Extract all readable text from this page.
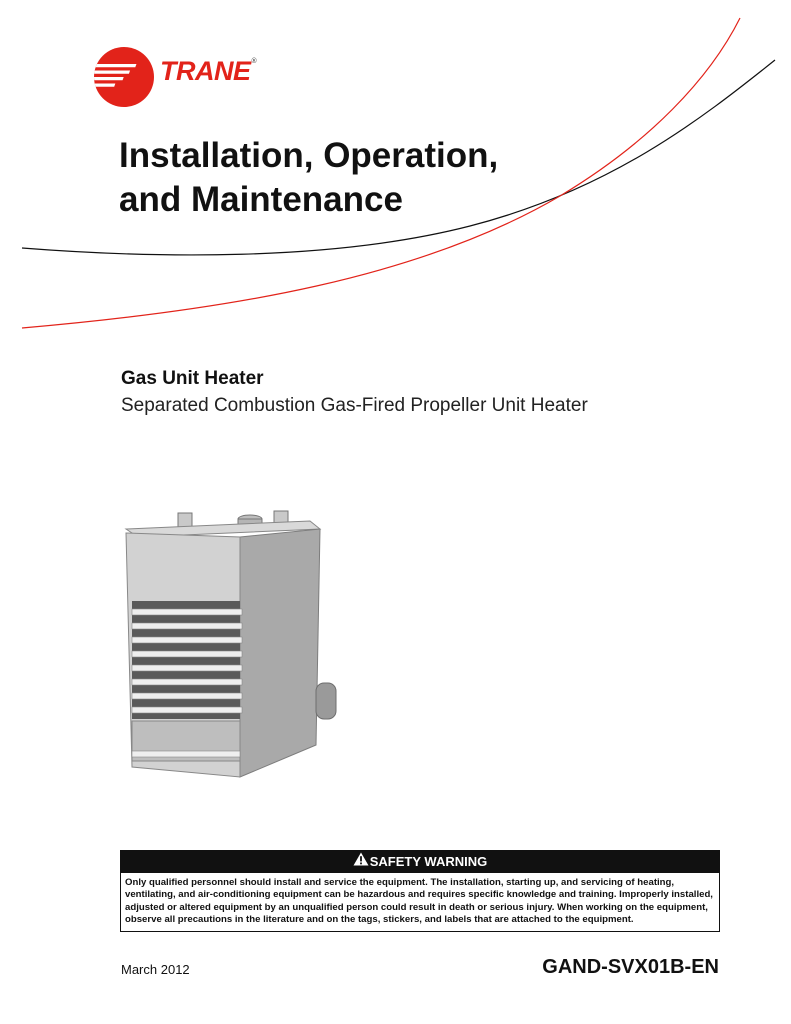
TRANE®
Installation, Operation,
and Maintenance
Gas Unit Heater
Separated Combustion Gas-Fired Propeller Unit Heater
SAFETY WARNING
Only qualified personnel should install and service the equipment. The installation, starting up, and servicing of heating, ventilating, and air-conditioning equipment can be hazardous and requires specific knowledge and training. Improperly installed, adjusted or altered equipment by an unqualified person could result in death or serious injury. When working on the equipment, observe all precautions in the literature and on the tags, stickers, and labels that are attached to the equipment.
March 2012	GAND-SVX01B-EN
